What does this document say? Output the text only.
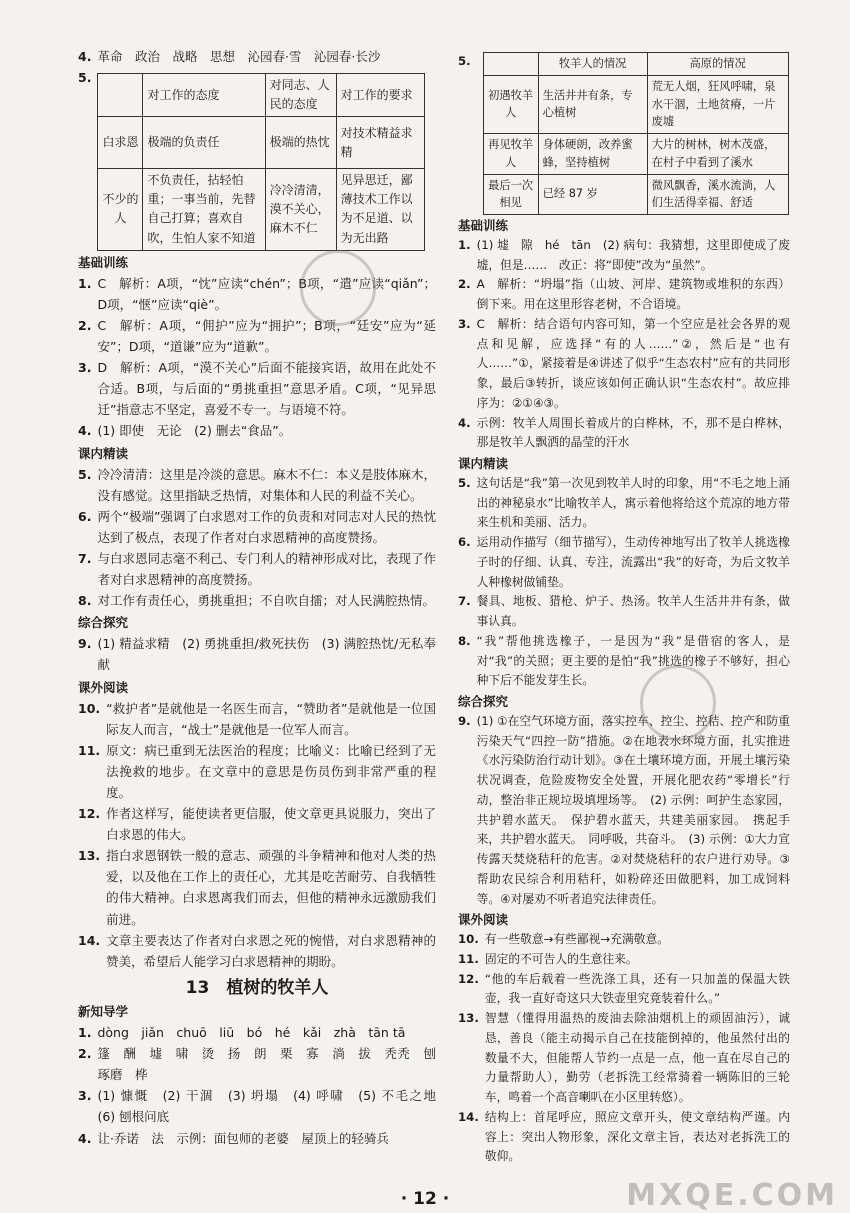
4. 革命　政治　战略　思想　沁园春·雪　沁园春·长沙
5.
	对工作的态度	对同志、人民的态度	对工作的要求
白求恩	极端的负责任	极端的热忱	对技术精益求精
不少的人	不负责任，拈轻怕重；一事当前，先替自己打算；喜欢自吹，生怕人家不知道	冷冷清清，漠不关心，麻木不仁	见异思迁，鄙薄技术工作以为不足道、以为无出路
基础训练
1. C　解析：A项，“忱”应读“chén”；B项，“遣”应读“qiǎn”；D项，“惬”应读“qiè”。
2. C　解析：A项，“佣护”应为“拥护”；B项，“廷安”应为“延安”；D项，“道谦”应为“道歉”。
3. D　解析：A项，“漠不关心”后面不能接宾语，故用在此处不合适。B项，与后面的“勇挑重担”意思矛盾。C项，“见异思迁”指意志不坚定，喜爱不专一。与语境不符。
4. (1) 即使　无论　(2) 删去“食品”。
课内精读
5. 冷冷清清：这里是冷淡的意思。麻木不仁：本义是肢体麻木，没有感觉。这里指缺乏热情，对集体和人民的利益不关心。
6. 两个“极端”强调了白求恩对工作的负责和对同志对人民的热忱达到了极点，表现了作者对白求恩精神的高度赞扬。
7. 与白求恩同志毫不利己、专门利人的精神形成对比，表现了作者对白求恩精神的高度赞扬。
8. 对工作有责任心，勇挑重担；不自吹自擂；对人民满腔热情。
综合探究
9. (1) 精益求精　(2) 勇挑重担/救死扶伤　(3) 满腔热忱/无私奉献
课外阅读
10. “救护者”是就他是一名医生而言，“赞助者”是就他是一位国际友人而言，“战士”是就他是一位军人而言。
11. 原文：病已重到无法医治的程度；比喻义：比喻已经到了无法挽救的地步。在文章中的意思是伤员伤到非常严重的程度。
12. 作者这样写，能使读者更信服，使文章更具说服力，突出了白求恩的伟大。
13. 指白求恩钢铁一般的意志、顽强的斗争精神和他对人类的热爱，以及他在工作上的责任心，尤其是吃苦耐劳、自我牺牲的伟大精神。白求恩离我们而去，但他的精神永远激励我们前进。
14. 文章主要表达了作者对白求恩之死的惋惜，对白求恩精神的赞美，希望后人能学习白求恩精神的期盼。
13　植树的牧羊人
新知导学
1. dòng　jiǎn　chuō　liū　bó　hé　kǎi　zhà　tān tā
2. 篷　酬　墟　啸　烫　扬　朗　栗　寡　淌　拔　秃秃　刨　琢磨　桦
3. (1) 慷慨　(2) 干涸　(3) 坍塌　(4) 呼啸　(5) 不毛之地　(6) 刨根问底
4. 让·乔诺　法　示例：面包师的老婆　屋顶上的轻骑兵
5.
		牧羊人的情况	高原的情况
初遇牧羊人	生活井井有条，专心植树	荒无人烟，狂风呼啸，泉水干涸，土地贫瘠，一片废墟
再见牧羊人	身体硬朗，改养蜜蜂，坚持植树	大片的树林，树木茂盛，在村子中看到了溪水
最后一次相见	已经 87 岁	微风飘香，溪水流淌，人们生活得幸福、舒适
基础训练
1. (1) 墟　隙　hé　tān　(2) 病句：我猜想，这里即使成了废墟，但是……　改正：将“即使”改为“虽然”。
2. A　解析：“坍塌”指（山坡、河岸、建筑物或堆积的东西）倒下来。用在这里形容老树，不合语境。
3. C　解析：结合语句内容可知，第一个空应是社会各界的观点和见解，应选择“有的人……”②，然后是“也有人……”①，紧接着是④讲述了似乎“生态农村”应有的共同形象，最后③转折，谈应该如何正确认识“生态农村”。故应排序为：②①④③。
4. 示例：牧羊人周围长着成片的白桦林，不，那不是白桦林，那是牧羊人飘洒的晶莹的汗水
课内精读
5. 这句话是“我”第一次见到牧羊人时的印象，用“不毛之地上涌出的神秘泉水”比喻牧羊人，寓示着他将给这个荒凉的地方带来生机和美丽、活力。
6. 运用动作描写（细节描写），生动传神地写出了牧羊人挑选橡子时的仔细、认真、专注，流露出“我”的好奇，为后文牧羊人种橡树做铺垫。
7. 餐具、地板、猎枪、炉子、热汤。牧羊人生活井井有条，做事认真。
8. “我”帮他挑选橡子，一是因为“我”是借宿的客人，是对“我”的关照；更主要的是怕“我”挑选的橡子不够好，担心种下后不能发芽生长。
综合探究
9. (1) ①在空气环境方面，落实控车、控尘、控秸、控产和防重污染天气“四控一防”措施。②在地表水环境方面，扎实推进《水污染防治行动计划》。③在土壤环境方面，开展土壤污染状况调查，危险废物安全处置，开展化肥农药“零增长”行动，整治非正规垃圾填埋场等。　(2) 示例：呵护生态家园，共护碧水蓝天。　保护碧水蓝天，共建美丽家园。　携起手来，共护碧水蓝天。　同呼吸，共奋斗。　(3) 示例：①大力宣传露天焚烧秸秆的危害。②对焚烧秸秆的农户进行劝导。③帮助农民综合利用秸秆，如粉碎还田做肥料，加工成饲料等。④对屡劝不听者追究法律责任。
课外阅读
10. 有一些敬意→有些鄙视→充满敬意。
11. 固定的不可告人的生意往来。
12. “他的车后载着一些洗涤工具，还有一只加盖的保温大铁壶，我一直好奇这只大铁壶里究竟装着什么。”
13. 智慧（懂得用温热的废油去除油烟机上的顽固油污），诚恳，善良（能主动揭示自己在技能倒掉的，他虽然付出的数量不大，但能帮人节约一点是一点，他一直在尽自己的力量帮助人），勤劳（老拆洗工经常骑着一辆陈旧的三轮车，鸣着一个高音喇叭在小区里转悠）。
14. 结构上：首尾呼应，照应文章开头，使文章结构严谨。内容上：突出人物形象，深化文章主旨，表达对老拆洗工的敬仰。
· 12 ·	MXQE.COM
